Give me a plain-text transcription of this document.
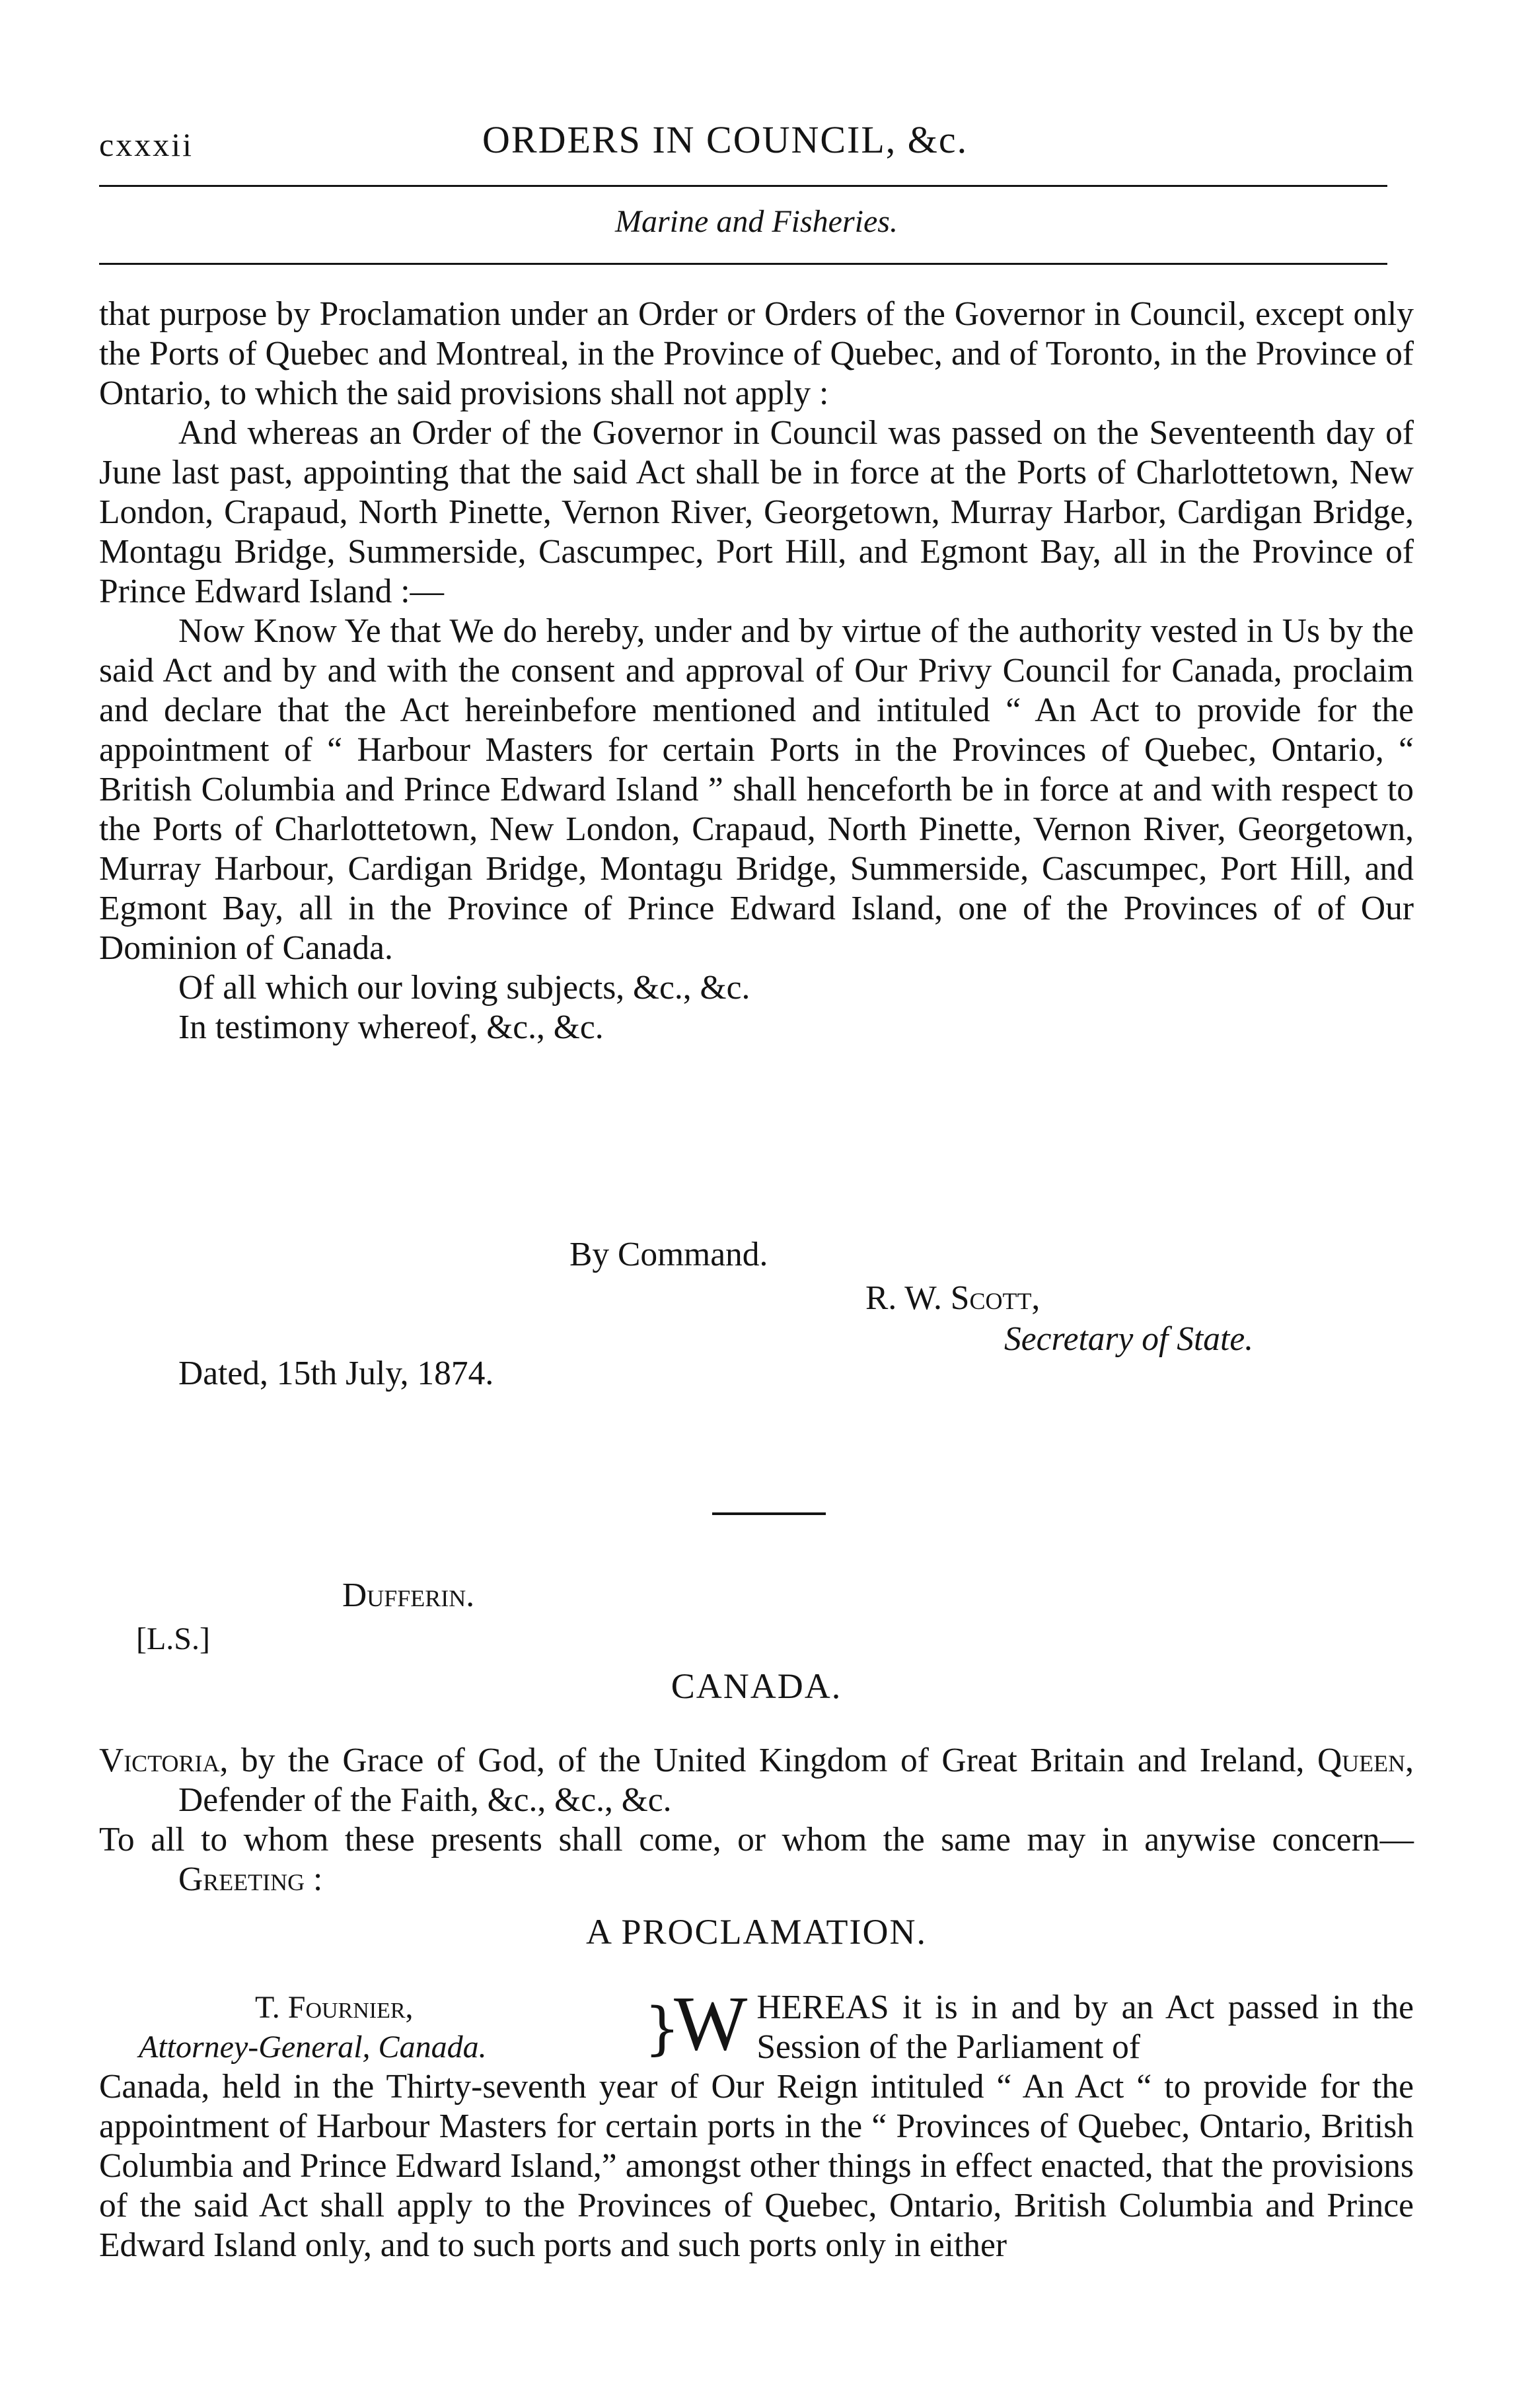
cxxxii	ORDERS IN COUNCIL, &c.
Marine and Fisheries.

that purpose by Proclamation under an Order or Orders of the Governor in Council, except only the Ports of Quebec and Montreal, in the Province of Quebec, and of Toronto, in the Province of Ontario, to which the said provisions shall not apply :

And whereas an Order of the Governor in Council was passed on the Seventeenth day of June last past, appointing that the said Act shall be in force at the Ports of Charlottetown, New London, Crapaud, North Pinette, Vernon River, Georgetown, Murray Harbor, Cardigan Bridge, Montagu Bridge, Summerside, Cascumpec, Port Hill, and Egmont Bay, all in the Province of Prince Edward Island :—

Now Know Ye that We do hereby, under and by virtue of the authority vested in Us by the said Act and by and with the consent and approval of Our Privy Council for Canada, proclaim and declare that the Act hereinbefore mentioned and intituled “ An Act to provide for the appointment of “ Harbour Masters for certain Ports in the Provinces of Quebec, Ontario, “ British Columbia and Prince Edward Island ” shall henceforth be in force at and with respect to the Ports of Charlottetown, New London, Crapaud, North Pinette, Vernon River, Georgetown, Murray Harbour, Cardigan Bridge, Montagu Bridge, Summerside, Cascumpec, Port Hill, and Egmont Bay, all in the Province of Prince Edward Island, one of the Provinces of of Our Dominion of Canada.

Of all which our loving subjects, &c., &c.

In testimony whereof, &c., &c.

By Command.
R. W. Scott,
Secretary of State.
Dated, 15th July, 1874.
Dufferin.
[L.S.]
CANADA.

Victoria, by the Grace of God, of the United Kingdom of Great Britain and Ireland, Queen, Defender of the Faith, &c., &c., &c.

To all to whom these presents shall come, or whom the same may in anywise concern—Greeting :

A PROCLAMATION.
T. Fournier,
Attorney-General, Canada.	}
WHEREAS it is in and by an Act passed in the Session of the Parliament of
Canada, held in the Thirty-seventh year of Our Reign intituled “ An Act “ to provide for the appointment of Harbour Masters for certain ports in the “ Provinces of Quebec, Ontario, British Columbia and Prince Edward Island,” amongst other things in effect enacted, that the provisions of the said Act shall apply to the Provinces of Quebec, Ontario, British Columbia and Prince Edward Island only, and to such ports and such ports only in either
